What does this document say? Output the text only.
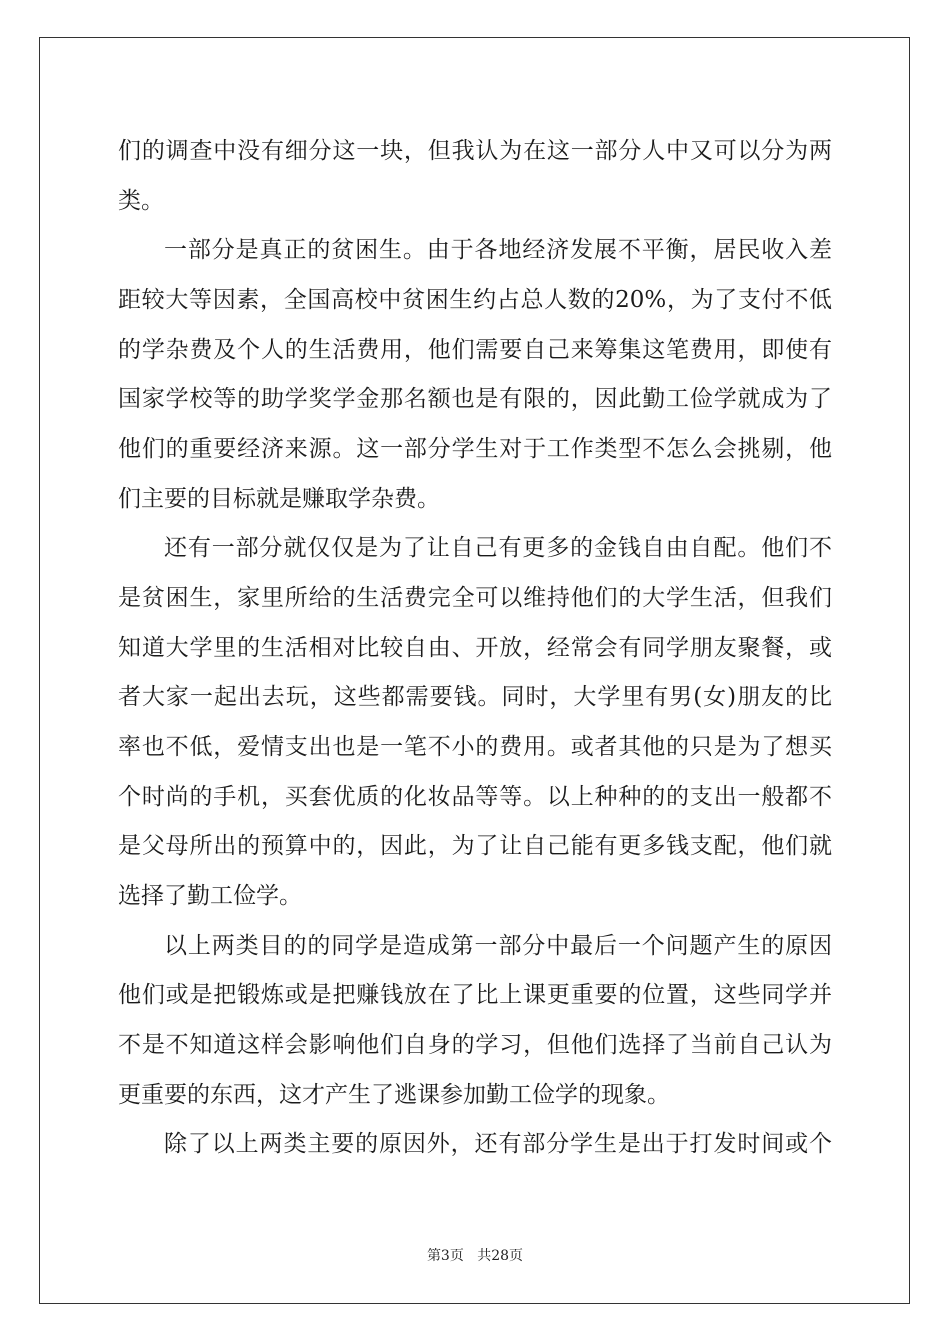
们的调查中没有细分这一块，但我认为在这一部分人中又可以分为两
类。
一部分是真正的贫困生。由于各地经济发展不平衡，居民收入差
距较大等因素，全国高校中贫困生约占总人数的20%，为了支付不低
的学杂费及个人的生活费用，他们需要自己来筹集这笔费用，即使有
国家学校等的助学奖学金那名额也是有限的，因此勤工俭学就成为了
他们的重要经济来源。这一部分学生对于工作类型不怎么会挑剔，他
们主要的目标就是赚取学杂费。
还有一部分就仅仅是为了让自己有更多的金钱自由自配。他们不
是贫困生，家里所给的生活费完全可以维持他们的大学生活，但我们
知道大学里的生活相对比较自由、开放，经常会有同学朋友聚餐，或
者大家一起出去玩，这些都需要钱。同时，大学里有男(女)朋友的比
率也不低，爱情支出也是一笔不小的费用。或者其他的只是为了想买
个时尚的手机，买套优质的化妆品等等。以上种种的的支出一般都不
是父母所出的预算中的，因此，为了让自己能有更多钱支配，他们就
选择了勤工俭学。
以上两类目的的同学是造成第一部分中最后一个问题产生的原因
他们或是把锻炼或是把赚钱放在了比上课更重要的位置，这些同学并
不是不知道这样会影响他们自身的学习，但他们选择了当前自己认为
更重要的东西，这才产生了逃课参加勤工俭学的现象。
除了以上两类主要的原因外，还有部分学生是出于打发时间或个
第3页 共28页
